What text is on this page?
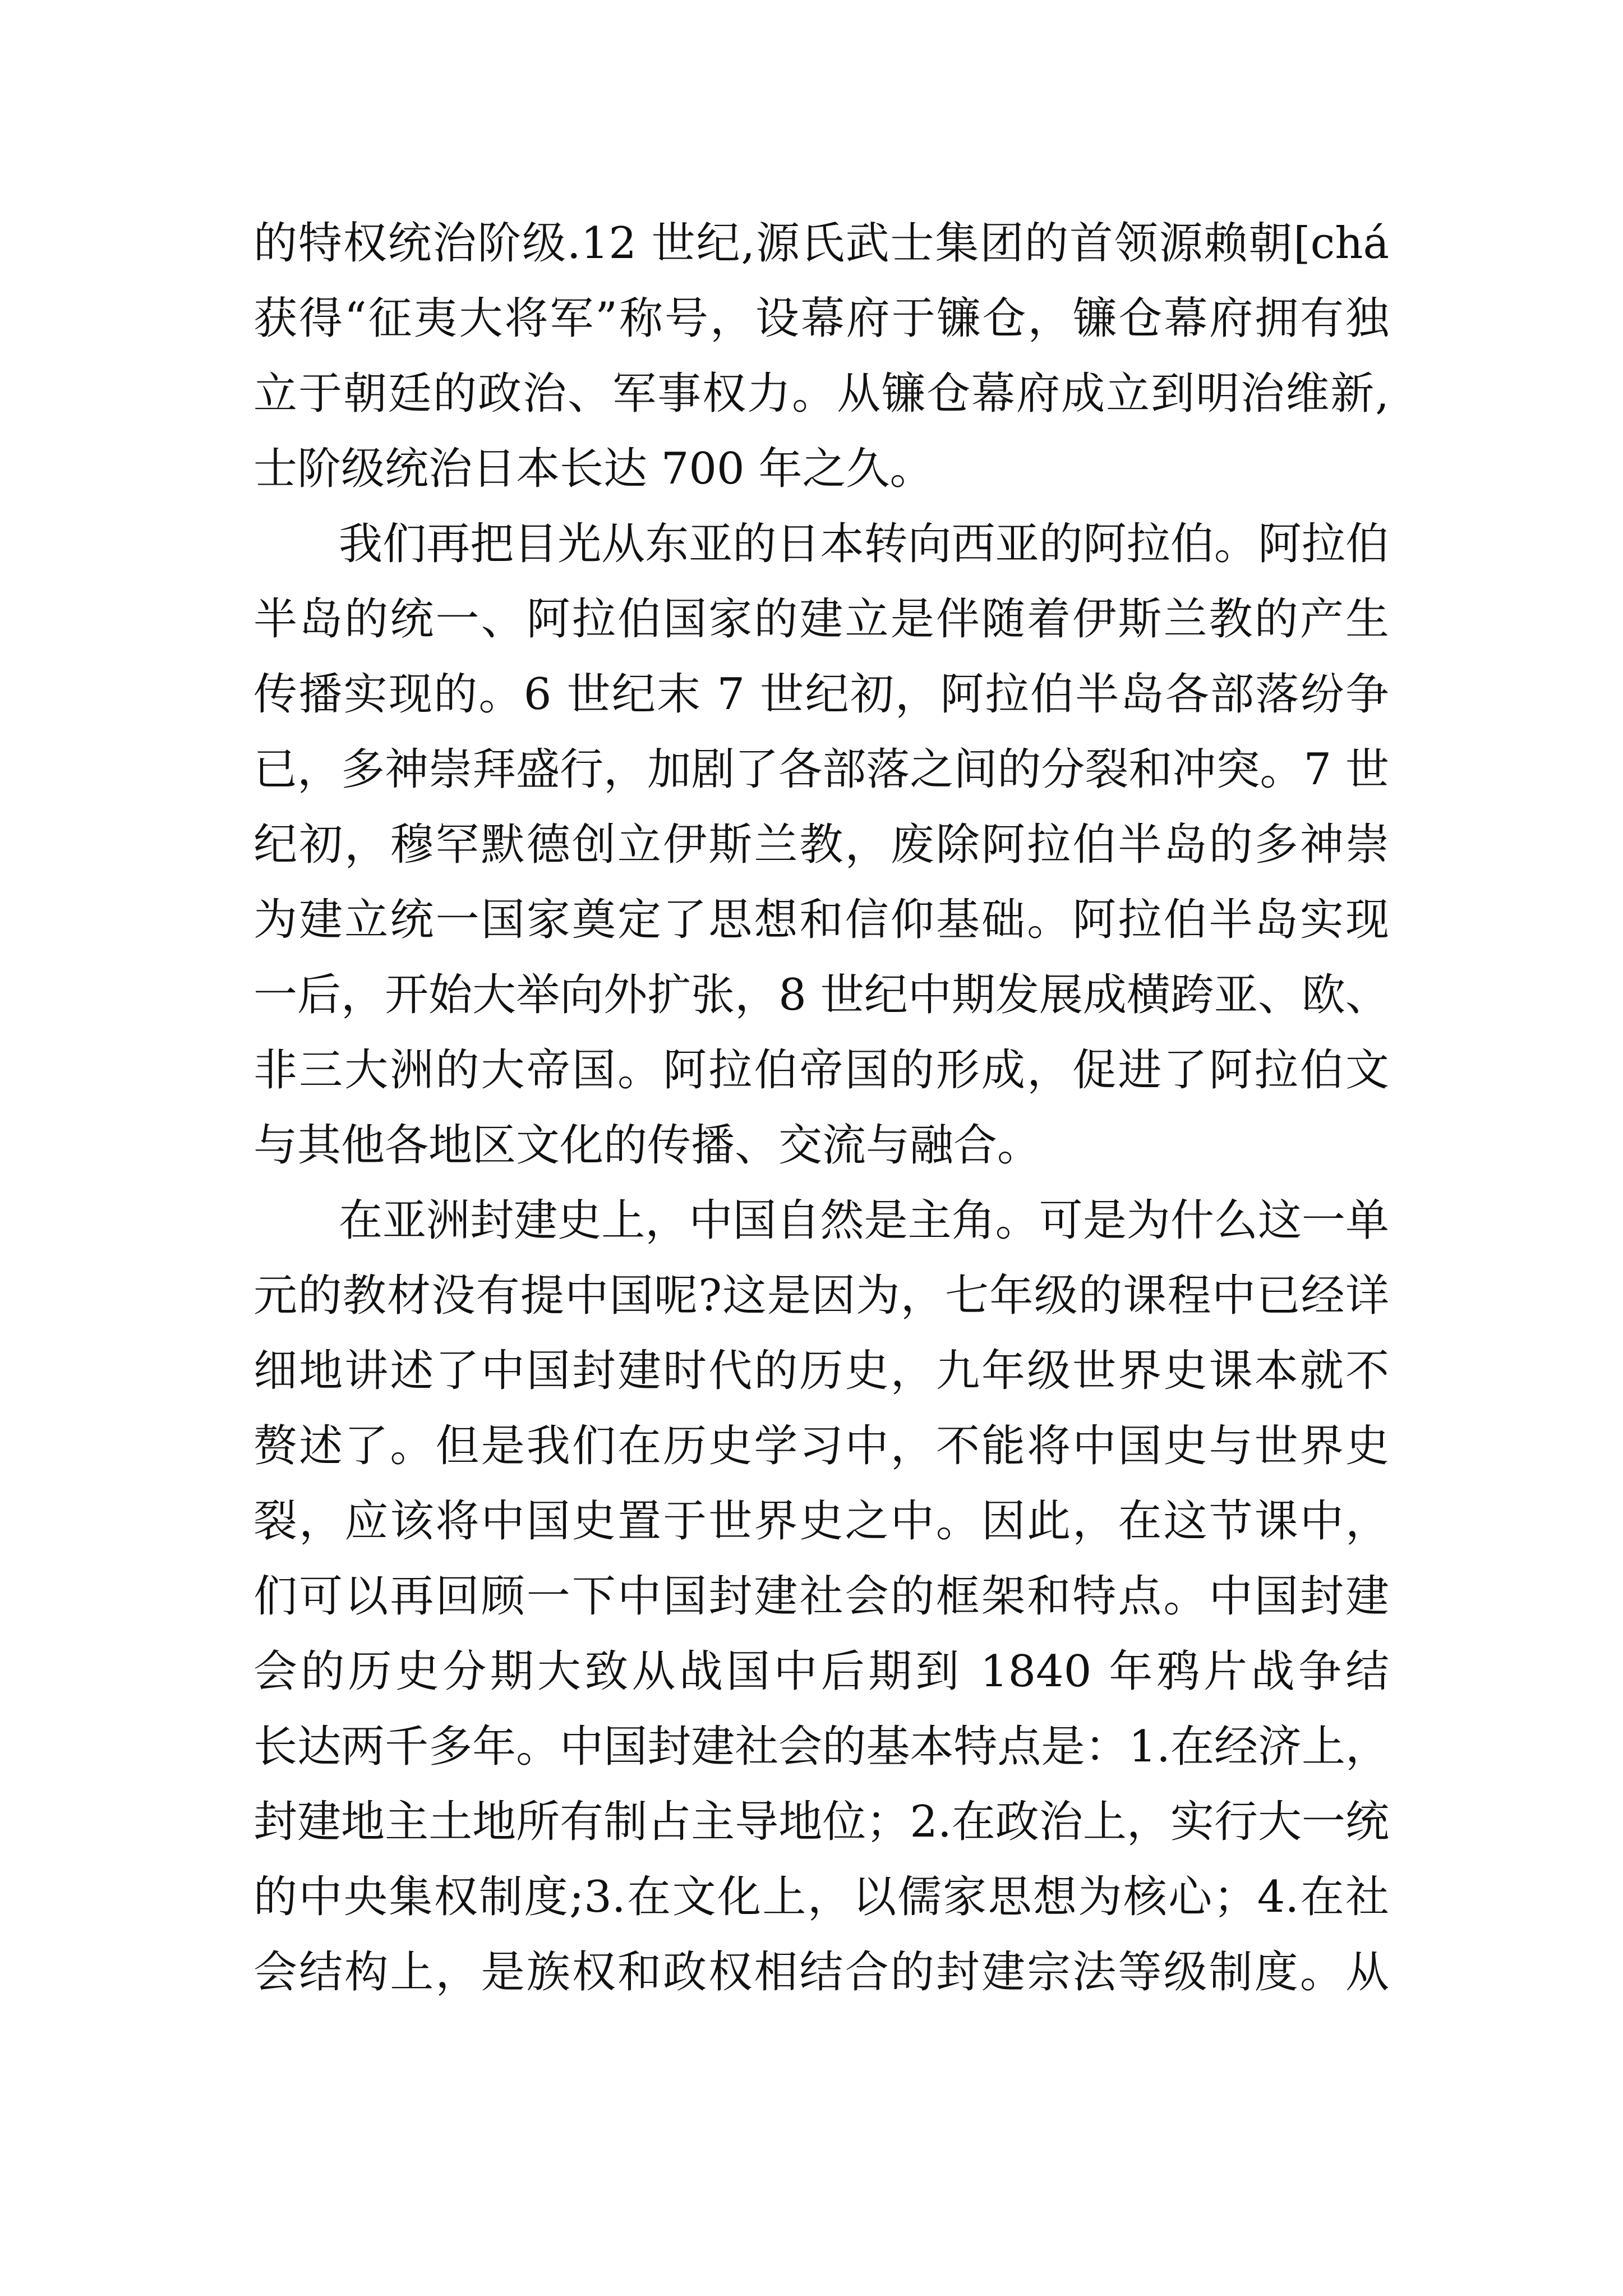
的特权统治阶级.12 世纪,源氏武士集团的首领源赖朝[chá
获得“征夷大将军”称号，设幕府于镰仓，镰仓幕府拥有独
立于朝廷的政治、军事权力。从镰仓幕府成立到明治维新,
士阶级统治日本长达 700 年之久。
我们再把目光从东亚的日本转向西亚的阿拉伯。阿拉伯
半岛的统一、阿拉伯国家的建立是伴随着伊斯兰教的产生
传播实现的。6 世纪末 7 世纪初，阿拉伯半岛各部落纷争
已，多神崇拜盛行，加剧了各部落之间的分裂和冲突。7 世
纪初，穆罕默德创立伊斯兰教，废除阿拉伯半岛的多神崇
为建立统一国家奠定了思想和信仰基础。阿拉伯半岛实现
一后，开始大举向外扩张，8 世纪中期发展成横跨亚、欧、
非三大洲的大帝国。阿拉伯帝国的形成，促进了阿拉伯文
与其他各地区文化的传播、交流与融合。
在亚洲封建史上，中国自然是主角。可是为什么这一单
元的教材没有提中国呢?这是因为，七年级的课程中已经详
细地讲述了中国封建时代的历史，九年级世界史课本就不
赘述了。但是我们在历史学习中，不能将中国史与世界史
裂，应该将中国史置于世界史之中。因此，在这节课中，
们可以再回顾一下中国封建社会的框架和特点。中国封建
会的历史分期大致从战国中后期到 1840 年鸦片战争结
长达两千多年。中国封建社会的基本特点是：1.在经济上，
封建地主土地所有制占主导地位；2.在政治上，实行大一统
的中央集权制度;3.在文化上，以儒家思想为核心；4.在社
会结构上，是族权和政权相结合的封建宗法等级制度。从
